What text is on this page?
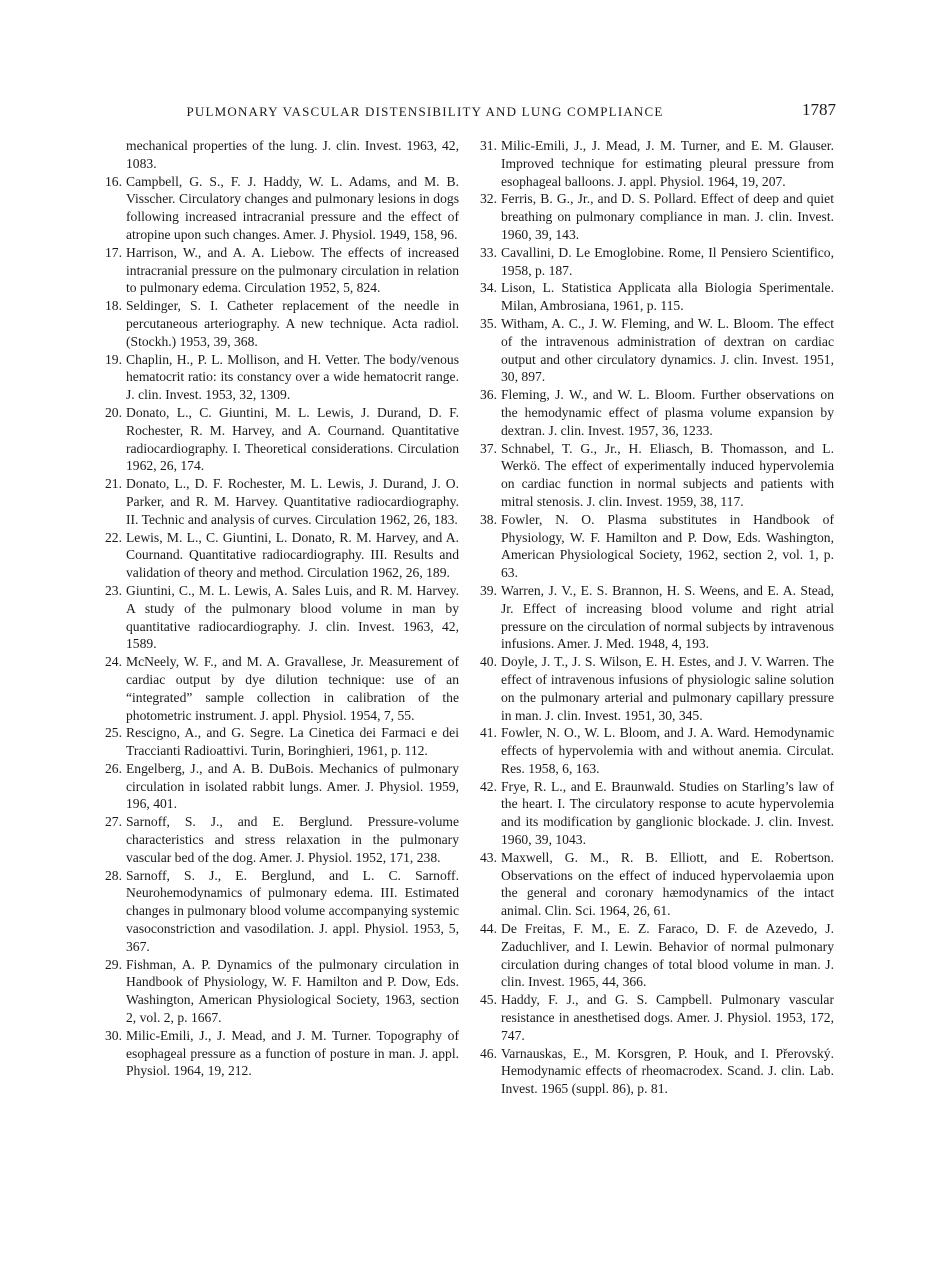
PULMONARY VASCULAR DISTENSIBILITY AND LUNG COMPLIANCE	1787
mechanical properties of the lung. J. clin. Invest. 1963, 42, 1083.
16. Campbell, G. S., F. J. Haddy, W. L. Adams, and M. B. Visscher. Circulatory changes and pulmonary lesions in dogs following increased intracranial pressure and the effect of atropine upon such changes. Amer. J. Physiol. 1949, 158, 96.
17. Harrison, W., and A. A. Liebow. The effects of increased intracranial pressure on the pulmonary circulation in relation to pulmonary edema. Circulation 1952, 5, 824.
18. Seldinger, S. I. Catheter replacement of the needle in percutaneous arteriography. A new technique. Acta radiol. (Stockh.) 1953, 39, 368.
19. Chaplin, H., P. L. Mollison, and H. Vetter. The body/venous hematocrit ratio: its constancy over a wide hematocrit range. J. clin. Invest. 1953, 32, 1309.
20. Donato, L., C. Giuntini, M. L. Lewis, J. Durand, D. F. Rochester, R. M. Harvey, and A. Cournand. Quantitative radiocardiography. I. Theoretical considerations. Circulation 1962, 26, 174.
21. Donato, L., D. F. Rochester, M. L. Lewis, J. Durand, J. O. Parker, and R. M. Harvey. Quantitative radiocardiography. II. Technic and analysis of curves. Circulation 1962, 26, 183.
22. Lewis, M. L., C. Giuntini, L. Donato, R. M. Harvey, and A. Cournand. Quantitative radiocardiography. III. Results and validation of theory and method. Circulation 1962, 26, 189.
23. Giuntini, C., M. L. Lewis, A. Sales Luis, and R. M. Harvey. A study of the pulmonary blood volume in man by quantitative radiocardiography. J. clin. Invest. 1963, 42, 1589.
24. McNeely, W. F., and M. A. Gravallese, Jr. Measurement of cardiac output by dye dilution technique: use of an “integrated” sample collection in calibration of the photometric instrument. J. appl. Physiol. 1954, 7, 55.
25. Rescigno, A., and G. Segre. La Cinetica dei Farmaci e dei Traccianti Radioattivi. Turin, Boringhieri, 1961, p. 112.
26. Engelberg, J., and A. B. DuBois. Mechanics of pulmonary circulation in isolated rabbit lungs. Amer. J. Physiol. 1959, 196, 401.
27. Sarnoff, S. J., and E. Berglund. Pressure-volume characteristics and stress relaxation in the pulmonary vascular bed of the dog. Amer. J. Physiol. 1952, 171, 238.
28. Sarnoff, S. J., E. Berglund, and L. C. Sarnoff. Neurohemodynamics of pulmonary edema. III. Estimated changes in pulmonary blood volume accompanying systemic vasoconstriction and vasodilation. J. appl. Physiol. 1953, 5, 367.
29. Fishman, A. P. Dynamics of the pulmonary circulation in Handbook of Physiology, W. F. Hamilton and P. Dow, Eds. Washington, American Physiological Society, 1963, section 2, vol. 2, p. 1667.
30. Milic-Emili, J., J. Mead, and J. M. Turner. Topography of esophageal pressure as a function of posture in man. J. appl. Physiol. 1964, 19, 212.
31. Milic-Emili, J., J. Mead, J. M. Turner, and E. M. Glauser. Improved technique for estimating pleural pressure from esophageal balloons. J. appl. Physiol. 1964, 19, 207.
32. Ferris, B. G., Jr., and D. S. Pollard. Effect of deep and quiet breathing on pulmonary compliance in man. J. clin. Invest. 1960, 39, 143.
33. Cavallini, D. Le Emoglobine. Rome, Il Pensiero Scientifico, 1958, p. 187.
34. Lison, L. Statistica Applicata alla Biologia Sperimentale. Milan, Ambrosiana, 1961, p. 115.
35. Witham, A. C., J. W. Fleming, and W. L. Bloom. The effect of the intravenous administration of dextran on cardiac output and other circulatory dynamics. J. clin. Invest. 1951, 30, 897.
36. Fleming, J. W., and W. L. Bloom. Further observations on the hemodynamic effect of plasma volume expansion by dextran. J. clin. Invest. 1957, 36, 1233.
37. Schnabel, T. G., Jr., H. Eliasch, B. Thomasson, and L. Werkö. The effect of experimentally induced hypervolemia on cardiac function in normal subjects and patients with mitral stenosis. J. clin. Invest. 1959, 38, 117.
38. Fowler, N. O. Plasma substitutes in Handbook of Physiology, W. F. Hamilton and P. Dow, Eds. Washington, American Physiological Society, 1962, section 2, vol. 1, p. 63.
39. Warren, J. V., E. S. Brannon, H. S. Weens, and E. A. Stead, Jr. Effect of increasing blood volume and right atrial pressure on the circulation of normal subjects by intravenous infusions. Amer. J. Med. 1948, 4, 193.
40. Doyle, J. T., J. S. Wilson, E. H. Estes, and J. V. Warren. The effect of intravenous infusions of physiologic saline solution on the pulmonary arterial and pulmonary capillary pressure in man. J. clin. Invest. 1951, 30, 345.
41. Fowler, N. O., W. L. Bloom, and J. A. Ward. Hemodynamic effects of hypervolemia with and without anemia. Circulat. Res. 1958, 6, 163.
42. Frye, R. L., and E. Braunwald. Studies on Starling’s law of the heart. I. The circulatory response to acute hypervolemia and its modification by ganglionic blockade. J. clin. Invest. 1960, 39, 1043.
43. Maxwell, G. M., R. B. Elliott, and E. Robertson. Observations on the effect of induced hypervolaemia upon the general and coronary hæmodynamics of the intact animal. Clin. Sci. 1964, 26, 61.
44. De Freitas, F. M., E. Z. Faraco, D. F. de Azevedo, J. Zaduchliver, and I. Lewin. Behavior of normal pulmonary circulation during changes of total blood volume in man. J. clin. Invest. 1965, 44, 366.
45. Haddy, F. J., and G. S. Campbell. Pulmonary vascular resistance in anesthetised dogs. Amer. J. Physiol. 1953, 172, 747.
46. Varnauskas, E., M. Korsgren, P. Houk, and I. Přerovský. Hemodynamic effects of rheomacrodex. Scand. J. clin. Lab. Invest. 1965 (suppl. 86), p. 81.
